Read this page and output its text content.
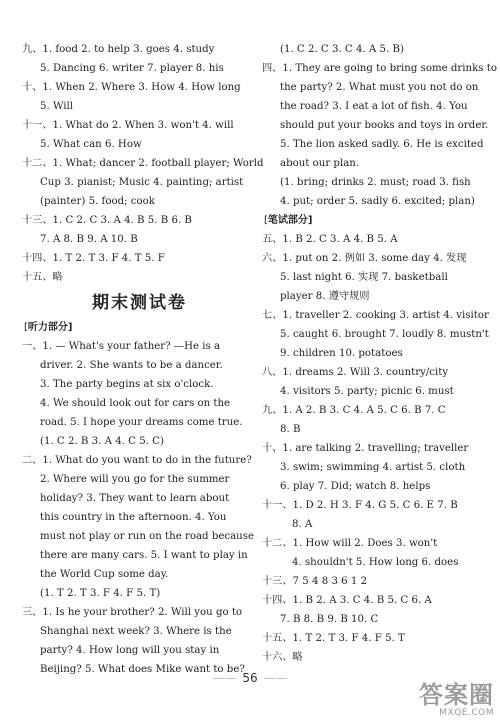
九、1. food 2. to help 3. goes 4. study
5. Dancing 6. writer 7. player 8. his
十、1. When 2. Where 3. How 4. How long
5. Will
十一、1. What do 2. When 3. won't 4. will
5. What can 6. How
十二、1. What; dancer 2. football player; World
Cup 3. pianist; Music 4. painting; artist
(painter) 5. food; cook
十三、1. C 2. C 3. A 4. B 5. B 6. B
7. A 8. B 9. A 10. B
十四、1. T 2. T 3. F 4. T 5. F
十五、略
期末测试卷
[ 听力部分]
一、1. — What's your father? —He is a
driver. 2. She wants to be a dancer.
3. The party begins at six o'clock.
4. We should look out for cars on the
road. 5. I hope your dreams come true.
(1. C 2. B 3. A 4. C 5. C)
二、1. What do you want to do in the future?
2. Where will you go for the summer
holiday? 3. They want to learn about
this country in the afternoon. 4. You
must not play or run on the road because
there are many cars. 5. I want to play in
the World Cup some day.
(1. T 2. T 3. F 4. F 5. T)
三、1. Is he your brother? 2. Will you go to
Shanghai next week? 3. Where is the
party? 4. How long will you stay in
Beijing? 5. What does Mike want to be?
(1. C 2. C 3. C 4. A 5. B)
四、1. They are going to bring some drinks to
the party? 2. What must you not do on
the road? 3. I eat a lot of fish. 4. You
should put your books and toys in order.
5. The lion asked sadly. 6. He is excited
about our plan.
(1. bring; drinks 2. must; road 3. fish
4. put; order 5. sadly 6. excited; plan)
[ 笔试部分]
五、1. B 2. C 3. A 4. B 5. A
六、1. put on 2. 例如 3. some day 4. 发现
5. last night 6. 实现 7. basketball
player 8. 遵守规则
七、1. traveller 2. cooking 3. artist 4. visitor
5. caught 6. brought 7. loudly 8. mustn't
9. children 10. potatoes
八、1. dreams 2. Will 3. country/city
4. visitors 5. party; picnic 6. must
九、1. A 2. B 3. C 4. A 5. C 6. B 7. C
8. B
十、1. are talking 2. travelling; traveller
3. swim; swimming 4. artist 5. cloth
6. play 7. Did; watch 8. helps
十一、1. D 2. H 3. F 4. G 5. C 6. E 7. B
8. A
十二、1. How will 2. Does 3. won't
4. shouldn't 5. How long 6. does
十三、7 5 4 8 3 6 1 2
十四、1. B 2. A 3. C 4. B 5. C 6. A
7. B 8. B 9. B 10. C
十五、1. T 2. T 3. F 4. F 5. T
十六、略
—— 56 ——
答案圈
MXQE.COM
